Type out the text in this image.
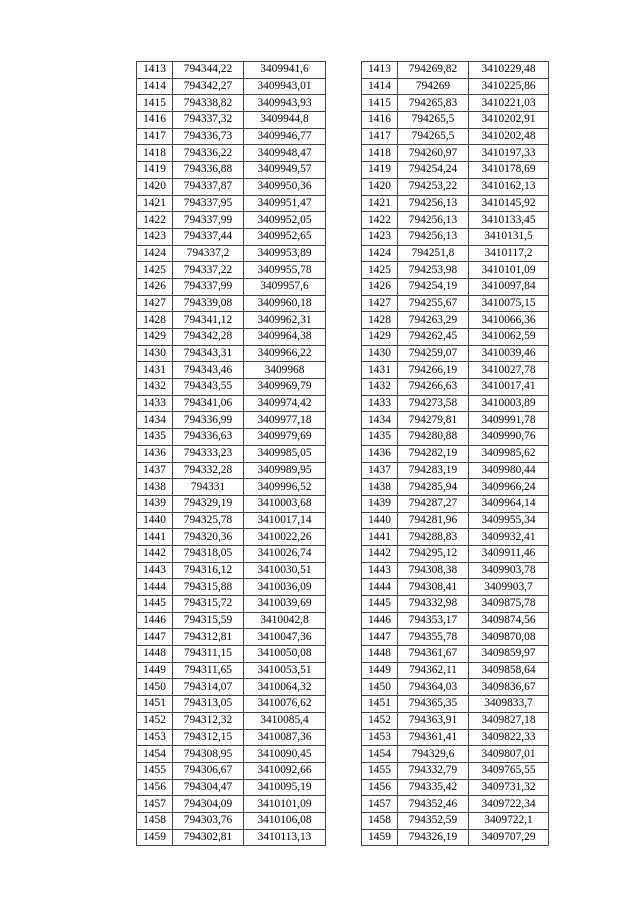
1413	794344,22	3409941,6
1414	794342,27	3409943,01
1415	794338,82	3409943,93
1416	794337,32	3409944,8
1417	794336,73	3409946,77
1418	794336,22	3409948,47
1419	794336,88	3409949,57
1420	794337,87	3409950,36
1421	794337,95	3409951,47
1422	794337,99	3409952,05
1423	794337,44	3409952,65
1424	794337,2	3409953,89
1425	794337,22	3409955,78
1426	794337,99	3409957,6
1427	794339,08	3409960,18
1428	794341,12	3409962,31
1429	794342,28	3409964,38
1430	794343,31	3409966,22
1431	794343,46	3409968
1432	794343,55	3409969,79
1433	794341,06	3409974,42
1434	794336,99	3409977,18
1435	794336,63	3409979,69
1436	794333,23	3409985,05
1437	794332,28	3409989,95
1438	794331	3409996,52
1439	794329,19	3410003,68
1440	794325,78	3410017,14
1441	794320,36	3410022,26
1442	794318,05	3410026,74
1443	794316,12	3410030,51
1444	794315,88	3410036,09
1445	794315,72	3410039,69
1446	794315,59	3410042,8
1447	794312,81	3410047,36
1448	794311,15	3410050,08
1449	794311,65	3410053,51
1450	794314,07	3410064,32
1451	794313,05	3410076,62
1452	794312,32	3410085,4
1453	794312,15	3410087,36
1454	794308,95	3410090,45
1455	794306,67	3410092,66
1456	794304,47	3410095,19
1457	794304,09	3410101,09
1458	794303,76	3410106,08
1459	794302,81	3410113,13
1413	794269,82	3410229,48
1414	794269	3410225,86
1415	794265,83	3410221,03
1416	794265,5	3410202,91
1417	794265,5	3410202,48
1418	794260,97	3410197,33
1419	794254,24	3410178,69
1420	794253,22	3410162,13
1421	794256,13	3410145,92
1422	794256,13	3410133,45
1423	794256,13	3410131,5
1424	794251,8	3410117,2
1425	794253,98	3410101,09
1426	794254,19	3410097,84
1427	794255,67	3410075,15
1428	794263,29	3410066,36
1429	794262,45	3410062,59
1430	794259,07	3410039,46
1431	794266,19	3410027,78
1432	794266,63	3410017,41
1433	794273,58	3410003,89
1434	794279,81	3409991,78
1435	794280,88	3409990,76
1436	794282,19	3409985,62
1437	794283,19	3409980,44
1438	794285,94	3409966,24
1439	794287,27	3409964,14
1440	794281,96	3409955,34
1441	794288,83	3409932,41
1442	794295,12	3409911,46
1443	794308,38	3409903,78
1444	794308,41	3409903,7
1445	794332,98	3409875,78
1446	794353,17	3409874,56
1447	794355,78	3409870,08
1448	794361,67	3409859,97
1449	794362,11	3409858,64
1450	794364,03	3409836,67
1451	794365,35	3409833,7
1452	794363,91	3409827,18
1453	794361,41	3409822,33
1454	794329,6	3409807,01
1455	794332,79	3409765,55
1456	794335,42	3409731,32
1457	794352,46	3409722,34
1458	794352,59	3409722,1
1459	794326,19	3409707,29
